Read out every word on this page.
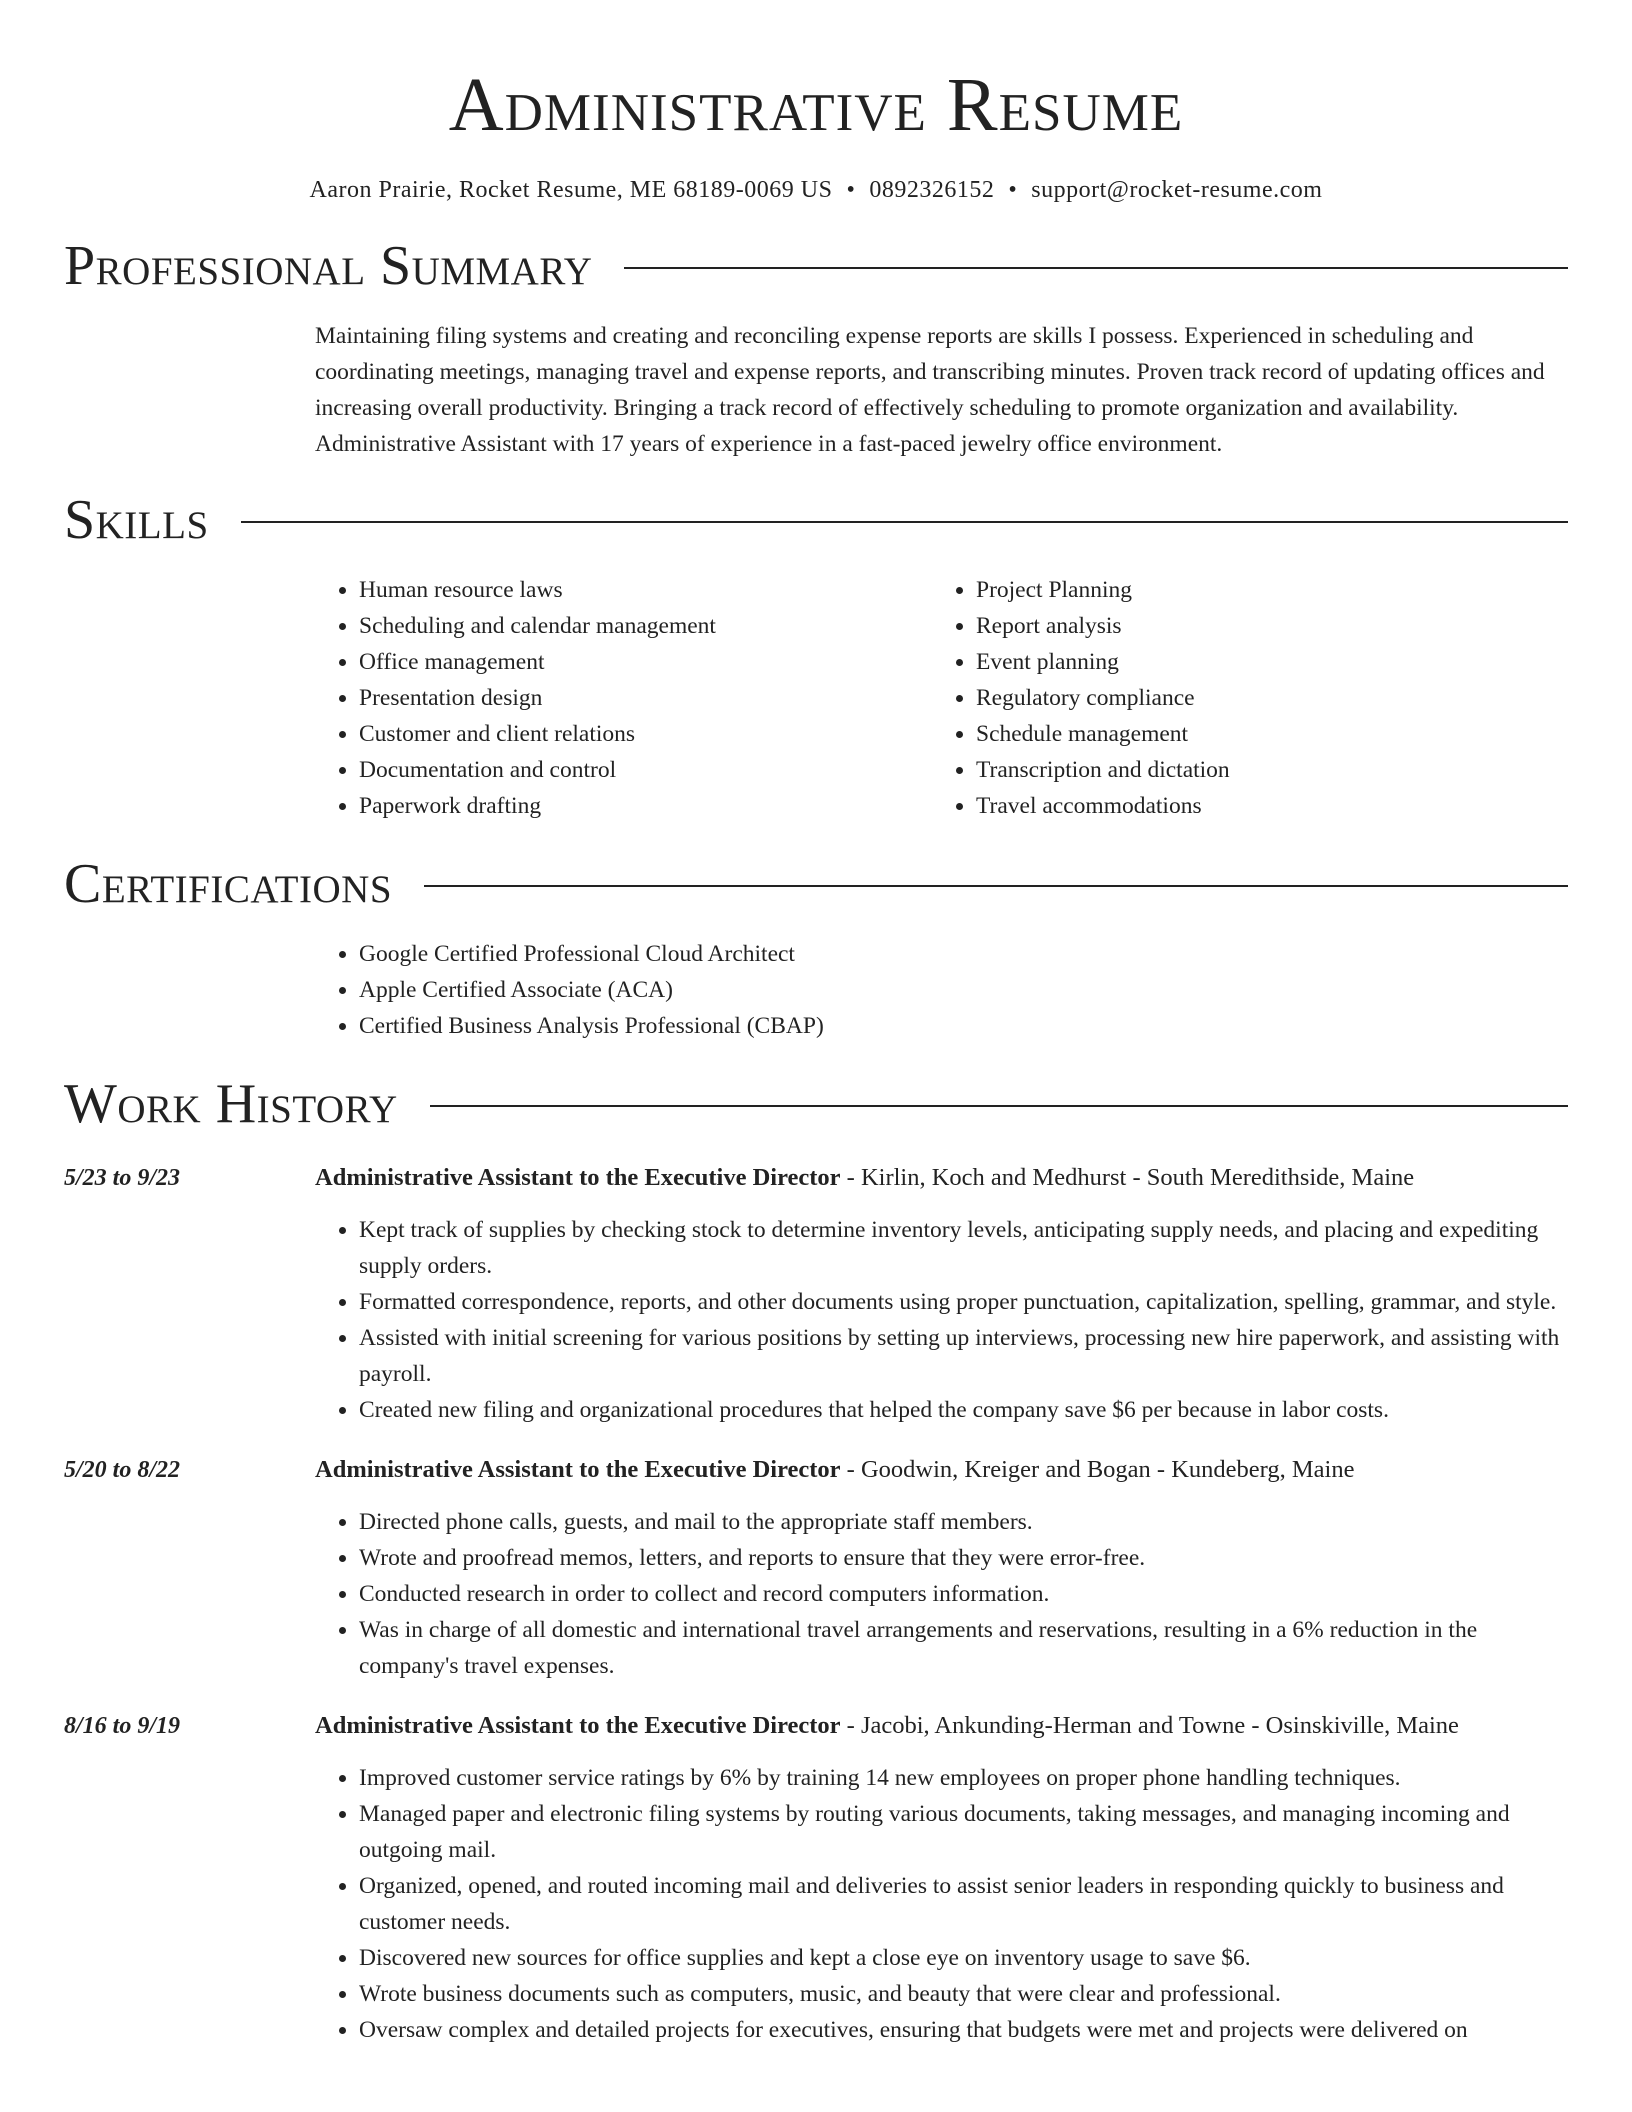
Administrative Resume
Aaron Prairie, Rocket Resume, ME 68189-0069 US • 0892326152 • support@rocket-resume.com
Professional Summary
Maintaining filing systems and creating and reconciling expense reports are skills I possess. Experienced in scheduling and coordinating meetings, managing travel and expense reports, and transcribing minutes. Proven track record of updating offices and increasing overall productivity. Bringing a track record of effectively scheduling to promote organization and availability. Administrative Assistant with 17 years of experience in a fast-paced jewelry office environment.
Skills
• Human resource laws
• Scheduling and calendar management
• Office management
• Presentation design
• Customer and client relations
• Documentation and control
• Paperwork drafting
• Project Planning
• Report analysis
• Event planning
• Regulatory compliance
• Schedule management
• Transcription and dictation
• Travel accommodations
Certifications
• Google Certified Professional Cloud Architect
• Apple Certified Associate (ACA)
• Certified Business Analysis Professional (CBAP)
Work History
5/23 to 9/23	Administrative Assistant to the Executive Director - Kirlin, Koch and Medhurst - South Meredithside, Maine
• Kept track of supplies by checking stock to determine inventory levels, anticipating supply needs, and placing and expediting supply orders.
• Formatted correspondence, reports, and other documents using proper punctuation, capitalization, spelling, grammar, and style.
• Assisted with initial screening for various positions by setting up interviews, processing new hire paperwork, and assisting with payroll.
• Created new filing and organizational procedures that helped the company save $6 per because in labor costs.
5/20 to 8/22	Administrative Assistant to the Executive Director - Goodwin, Kreiger and Bogan - Kundeberg, Maine
• Directed phone calls, guests, and mail to the appropriate staff members.
• Wrote and proofread memos, letters, and reports to ensure that they were error-free.
• Conducted research in order to collect and record computers information.
• Was in charge of all domestic and international travel arrangements and reservations, resulting in a 6% reduction in the company's travel expenses.
8/16 to 9/19	Administrative Assistant to the Executive Director - Jacobi, Ankunding-Herman and Towne - Osinskiville, Maine
• Improved customer service ratings by 6% by training 14 new employees on proper phone handling techniques.
• Managed paper and electronic filing systems by routing various documents, taking messages, and managing incoming and outgoing mail.
• Organized, opened, and routed incoming mail and deliveries to assist senior leaders in responding quickly to business and customer needs.
• Discovered new sources for office supplies and kept a close eye on inventory usage to save $6.
• Wrote business documents such as computers, music, and beauty that were clear and professional.
• Oversaw complex and detailed projects for executives, ensuring that budgets were met and projects were delivered on
